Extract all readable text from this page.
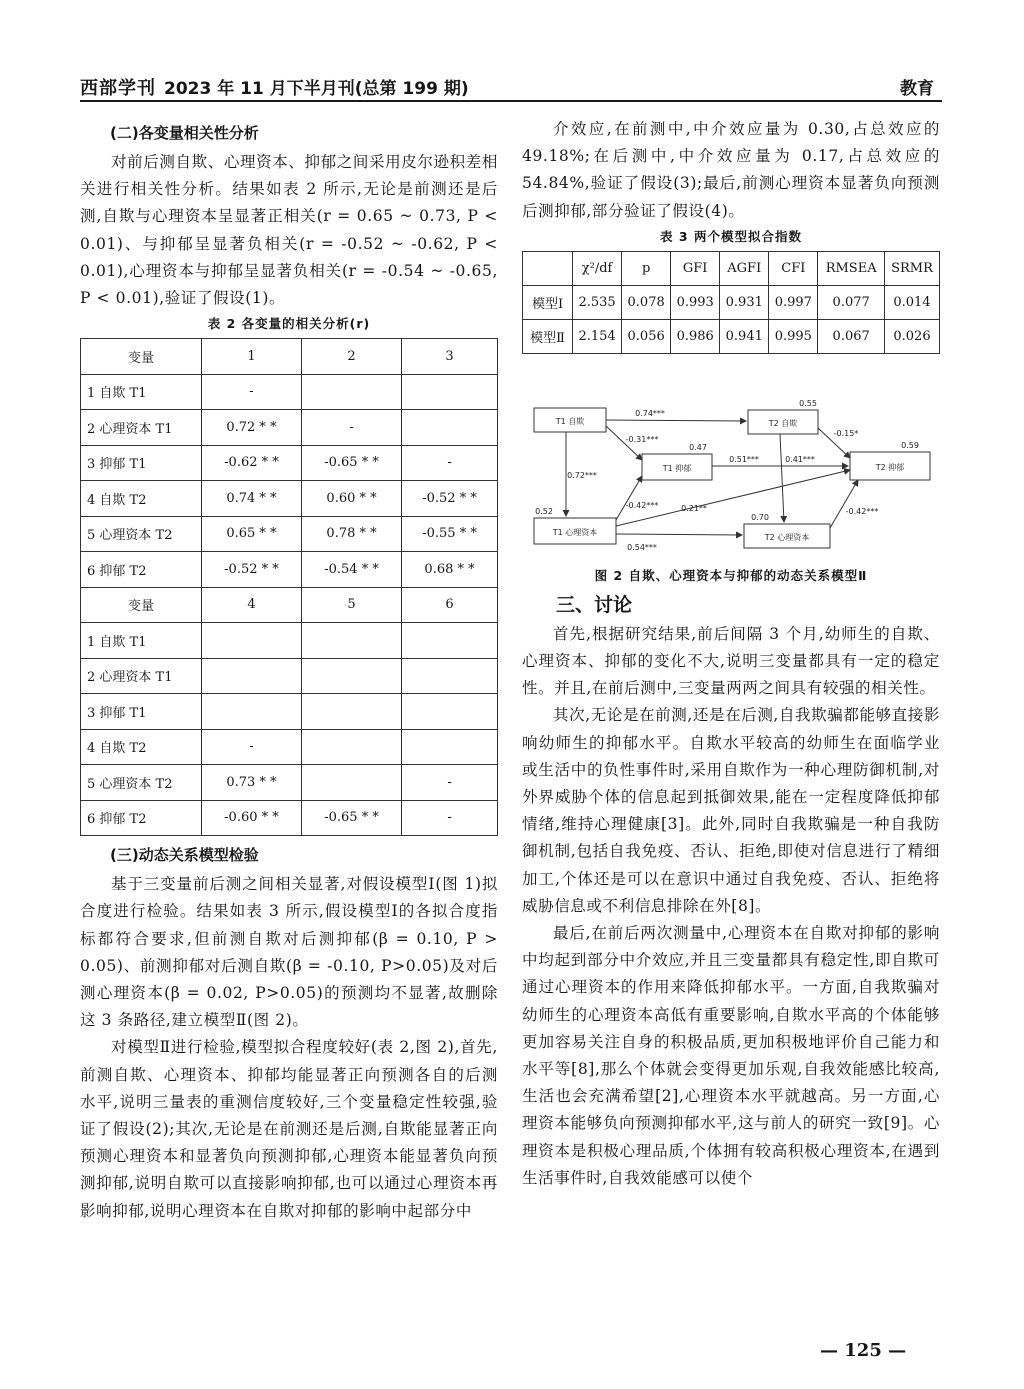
西部学刊 2023 年 11 月下半月刊(总第 199 期)	教育
(二)各变量相关性分析

对前后测自欺、心理资本、抑郁之间采用皮尔逊积差相关进行相关性分析。结果如表 2 所示,无论是前测还是后测,自欺与心理资本呈显著正相关(r = 0.65 ~ 0.73, P < 0.01)、与抑郁呈显著负相关(r = -0.52 ~ -0.62, P < 0.01),心理资本与抑郁呈显著负相关(r = -0.54 ~ -0.65, P < 0.01),验证了假设(1)。

表 2 各变量的相关分析(r)
变量	1	2	3
1 自欺 T1	-		
2 心理资本 T1	0.72 * *	-	
3 抑郁 T1	-0.62 * *	-0.65 * *	-
4 自欺 T2	0.74 * *	0.60 * *	-0.52 * *
5 心理资本 T2	0.65 * *	0.78 * *	-0.55 * *
6 抑郁 T2	-0.52 * *	-0.54 * *	0.68 * *
变量	4	5	6
1 自欺 T1			
2 心理资本 T1			
3 抑郁 T1			
4 自欺 T2	-		
5 心理资本 T2	0.73 * *		-
6 抑郁 T2	-0.60 * *	-0.65 * *	-
(三)动态关系模型检验

基于三变量前后测之间相关显著,对假设模型Ⅰ(图 1)拟合度进行检验。结果如表 3 所示,假设模型Ⅰ的各拟合度指标都符合要求,但前测自欺对后测抑郁(β = 0.10, P > 0.05)、前测抑郁对后测自欺(β = -0.10, P>0.05)及对后测心理资本(β = 0.02, P>0.05)的预测均不显著,故删除这 3 条路径,建立模型Ⅱ(图 2)。

对模型Ⅱ进行检验,模型拟合程度较好(表 2,图 2),首先,前测自欺、心理资本、抑郁均能显著正向预测各自的后测水平,说明三量表的重测信度较好,三个变量稳定性较强,验证了假设(2);其次,无论是在前测还是后测,自欺能显著正向预测心理资本和显著负向预测抑郁,心理资本能显著负向预测抑郁,说明自欺可以直接影响抑郁,也可以通过心理资本再影响抑郁,说明心理资本在自欺对抑郁的影响中起部分中

介效应,在前测中,中介效应量为 0.30,占总效应的 49.18%;在后测中,中介效应量为 0.17,占总效应的 54.84%,验证了假设(3);最后,前测心理资本显著负向预测后测抑郁,部分验证了假设(4)。

表 3 两个模型拟合指数
	χ²/df	p	GFI	AGFI	CFI	RMSEA	SRMR
模型Ⅰ	2.535	0.078	0.993	0.931	0.997	0.077	0.014
模型Ⅱ	2.154	0.056	0.986	0.941	0.995	0.067	0.026
T1 自欺	T2 自欺
T1 抑郁	T2 抑郁
T1 心理资本
T2 心理资本
0.55
0.47	0.59
0.52
0.70
0.74***
-0.31***
0.72***
-0.15*
0.41***
0.51***
-0.42***	0.21**
0.54***
-0.42***
图 2 自欺、心理资本与抑郁的动态关系模型Ⅱ
三、讨论

首先,根据研究结果,前后间隔 3 个月,幼师生的自欺、心理资本、抑郁的变化不大,说明三变量都具有一定的稳定性。并且,在前后测中,三变量两两之间具有较强的相关性。

其次,无论是在前测,还是在后测,自我欺骗都能够直接影响幼师生的抑郁水平。自欺水平较高的幼师生在面临学业或生活中的负性事件时,采用自欺作为一种心理防御机制,对外界威胁个体的信息起到抵御效果,能在一定程度降低抑郁情绪,维持心理健康[3]。此外,同时自我欺骗是一种自我防御机制,包括自我免疫、否认、拒绝,即使对信息进行了精细加工,个体还是可以在意识中通过自我免疫、否认、拒绝将威胁信息或不利信息排除在外[8]。

最后,在前后两次测量中,心理资本在自欺对抑郁的影响中均起到部分中介效应,并且三变量都具有稳定性,即自欺可通过心理资本的作用来降低抑郁水平。一方面,自我欺骗对幼师生的心理资本高低有重要影响,自欺水平高的个体能够更加容易关注自身的积极品质,更加积极地评价自己能力和水平等[8],那么个体就会变得更加乐观,自我效能感比较高,生活也会充满希望[2],心理资本水平就越高。另一方面,心理资本能够负向预测抑郁水平,这与前人的研究一致[9]。心理资本是积极心理品质,个体拥有较高积极心理资本,在遇到生活事件时,自我效能感可以使个

— 125 —
